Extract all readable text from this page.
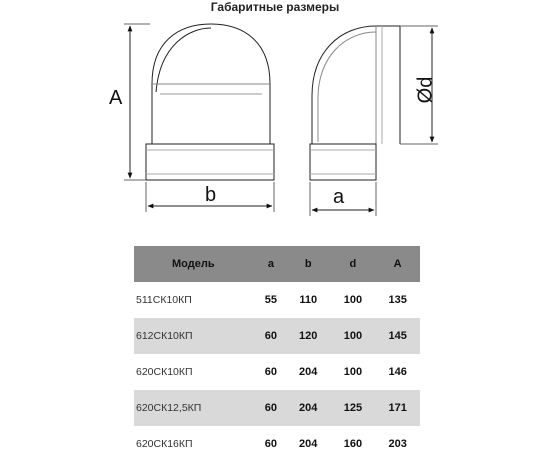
Габаритные размеры
A
b	a
Ød
Модель	a	b	d	A
511СК10КП	55	110	100	135
612СК10КП	60	120	100	145
620СК10КП	60	204	100	146
620СК12,5КП	60	204	125	171
620СК16КП	60	204	160	203
